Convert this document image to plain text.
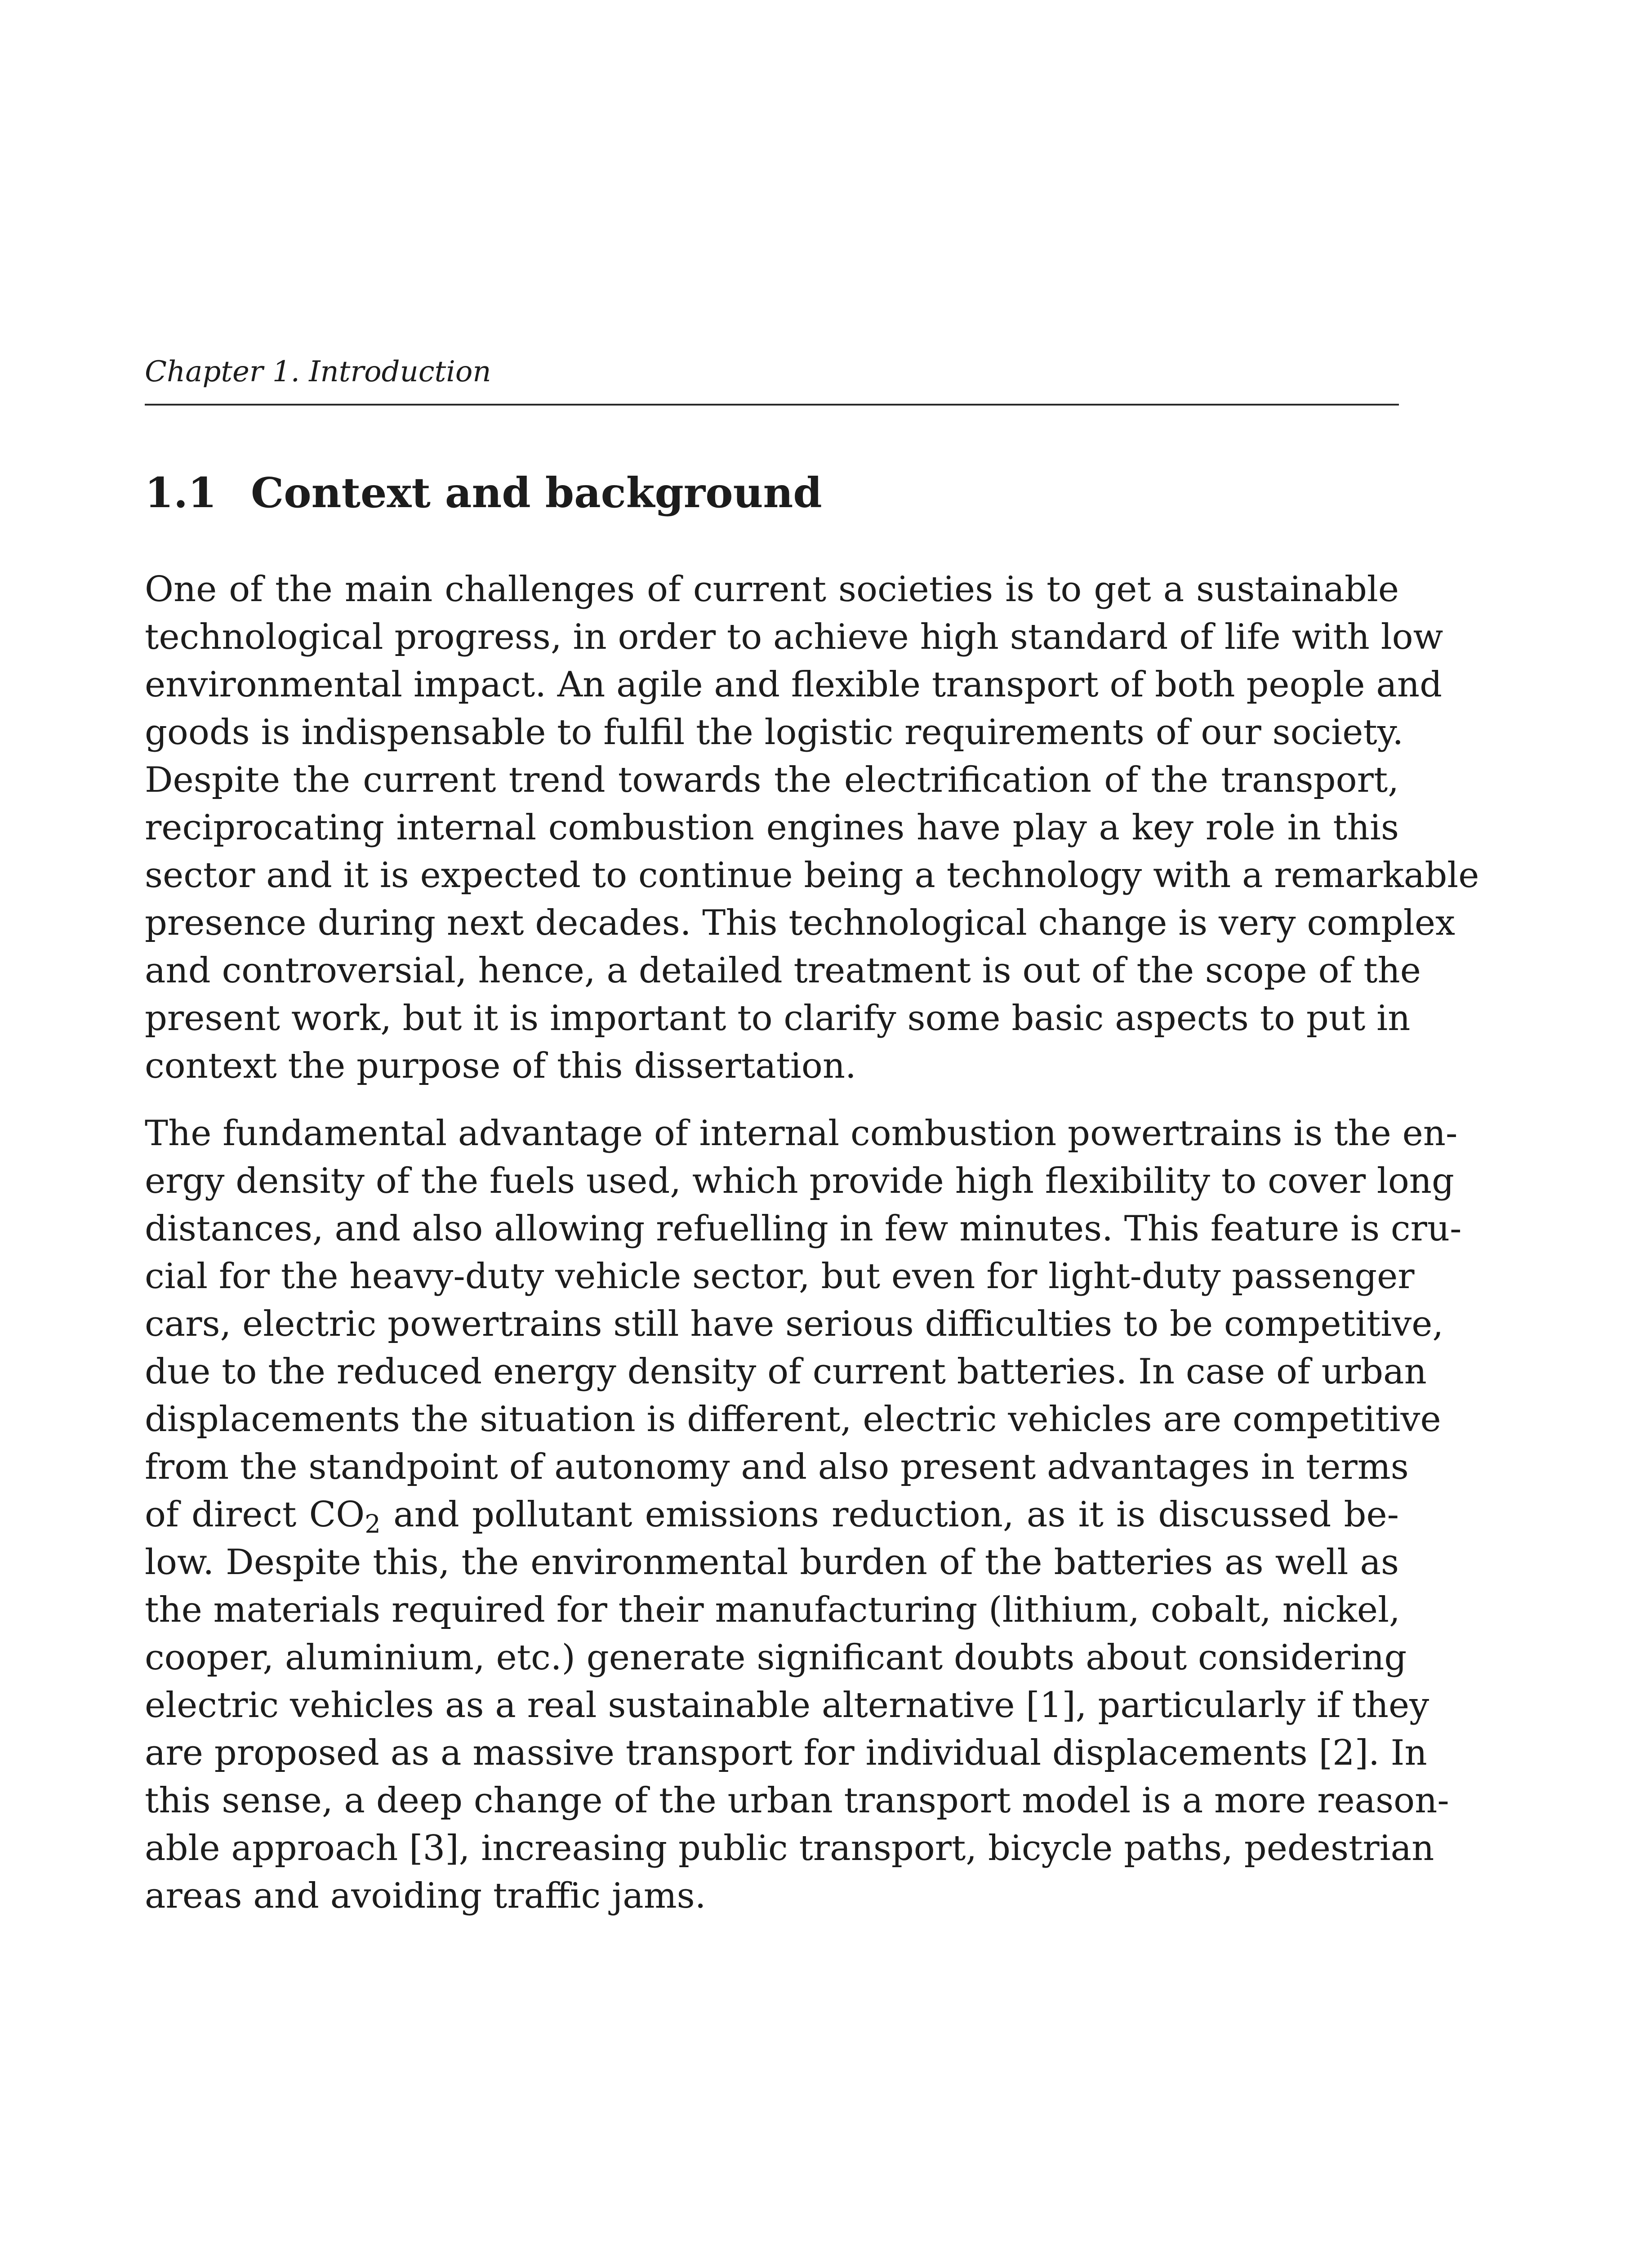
Chapter 1. Introduction
1.1 Context and background
One of the main challenges of current societies is to get a sustainable
technological progress, in order to achieve high standard of life with low
environmental impact. An agile and flexible transport of both people and
goods is indispensable to fulfil the logistic requirements of our society.
Despite the current trend towards the electrification of the transport,
reciprocating internal combustion engines have play a key role in this
sector and it is expected to continue being a technology with a remarkable
presence during next decades. This technological change is very complex
and controversial, hence, a detailed treatment is out of the scope of the
present work, but it is important to clarify some basic aspects to put in
context the purpose of this dissertation.
The fundamental advantage of internal combustion powertrains is the en-
ergy density of the fuels used, which provide high flexibility to cover long
distances, and also allowing refuelling in few minutes. This feature is cru-
cial for the heavy-duty vehicle sector, but even for light-duty passenger
cars, electric powertrains still have serious difficulties to be competitive,
due to the reduced energy density of current batteries. In case of urban
displacements the situation is different, electric vehicles are competitive
from the standpoint of autonomy and also present advantages in terms
of direct $CO_2$ and pollutant emissions reduction, as it is discussed be-
low. Despite this, the environmental burden of the batteries as well as
the materials required for their manufacturing (lithium, cobalt, nickel,
cooper, aluminium, etc.) generate significant doubts about considering
electric vehicles as a real sustainable alternative [1], particularly if they
are proposed as a massive transport for individual displacements [2]. In
this sense, a deep change of the urban transport model is a more reason-
able approach [3], increasing public transport, bicycle paths, pedestrian
areas and avoiding traffic jams.
